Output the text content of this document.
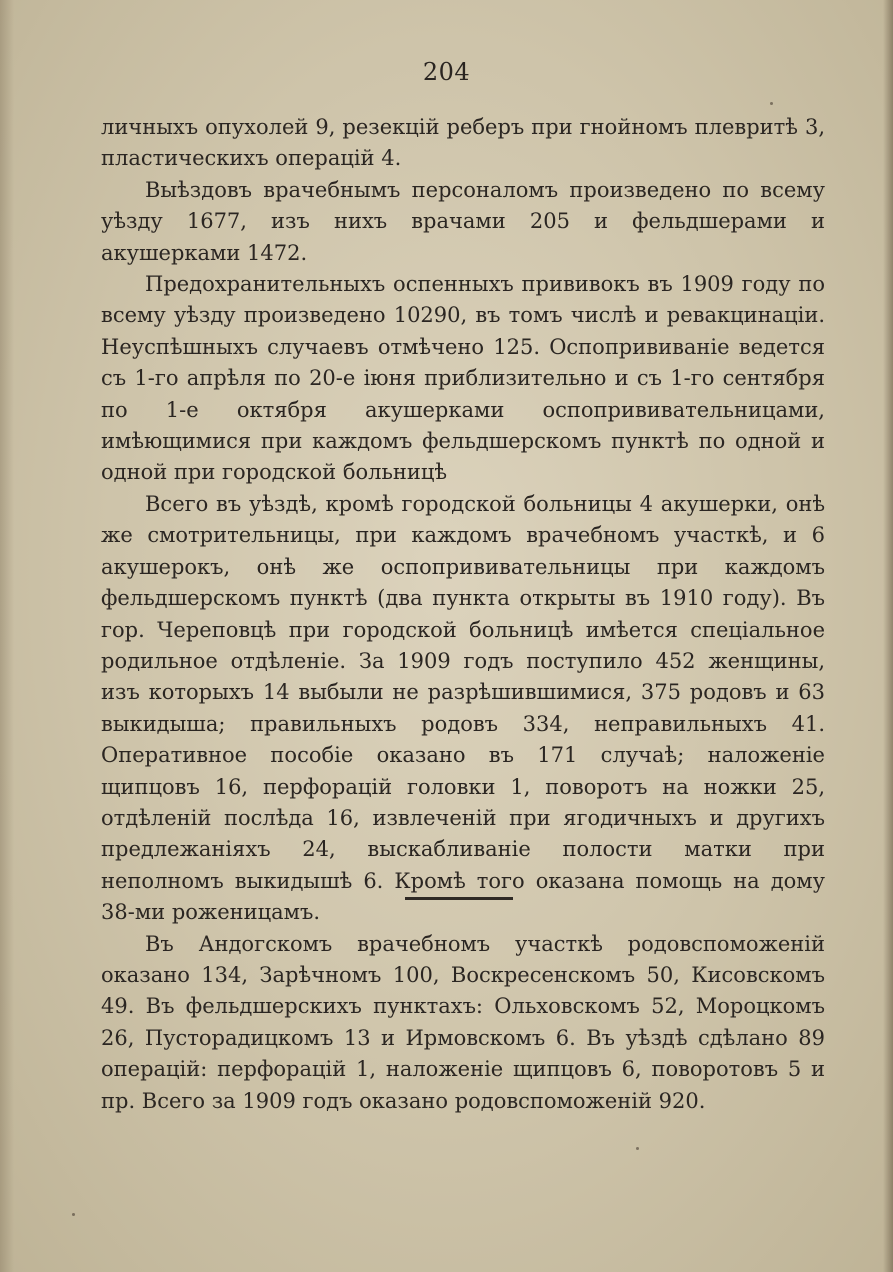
204

личныхъ опухолей 9, резекцій реберъ при гнойномъ плевритѣ 3, пластическихъ операцій 4.

Выѣздовъ врачебнымъ персоналомъ произведено по всему уѣзду 1677, изъ нихъ врачами 205 и фельдшерами и акушерками 1472.

Предохранительныхъ оспенныхъ прививокъ въ 1909 году по всему уѣзду произведено 10290, въ томъ числѣ и ревакцинаціи. Неуспѣшныхъ случаевъ отмѣчено 125. Оспопрививаніе ведется съ 1-го апрѣля по 20-е іюня приблизительно и съ 1-го сентября по 1-е октября акушерками оспопрививательницами, имѣющимися при каждомъ фельдшерскомъ пунктѣ по одной и одной при городской больницѣ

Всего въ уѣздѣ, кромѣ городской больницы 4 акушерки, онѣ же смотрительницы, при каждомъ врачебномъ участкѣ, и 6 акушерокъ, онѣ же оспопрививательницы при каждомъ фельдшерскомъ пунктѣ (два пункта открыты въ 1910 году). Въ гор. Череповцѣ при городской больницѣ имѣется спеціальное родильное отдѣленіе. За 1909 годъ поступило 452 женщины, изъ которыхъ 14 выбыли не разрѣшившимися, 375 родовъ и 63 выкидыша; правильныхъ родовъ 334, неправильныхъ 41. Оперативное пособіе оказано въ 171 случаѣ; наложеніе щипцовъ 16, перфорацій головки 1, поворотъ на ножки 25, отдѣленій послѣда 16, извлеченій при ягодичныхъ и другихъ предлежаніяхъ 24, выскабливаніе полости матки при неполномъ выкидышѣ 6. Кромѣ того оказана помощь на дому 38-ми роженицамъ.

Въ Андогскомъ врачебномъ участкѣ родовспоможеній оказано 134, Зарѣчномъ 100, Воскресенскомъ 50, Кисовскомъ 49. Въ фельдшерскихъ пунктахъ: Ольховскомъ 52, Мороцкомъ 26, Пусторадицкомъ 13 и Ирмовскомъ 6. Въ уѣздѣ сдѣлано 89 операцій: перфорацій 1, наложеніе щипцовъ 6, поворотовъ 5 и пр. Всего за 1909 годъ оказано родовспоможеній 920.
